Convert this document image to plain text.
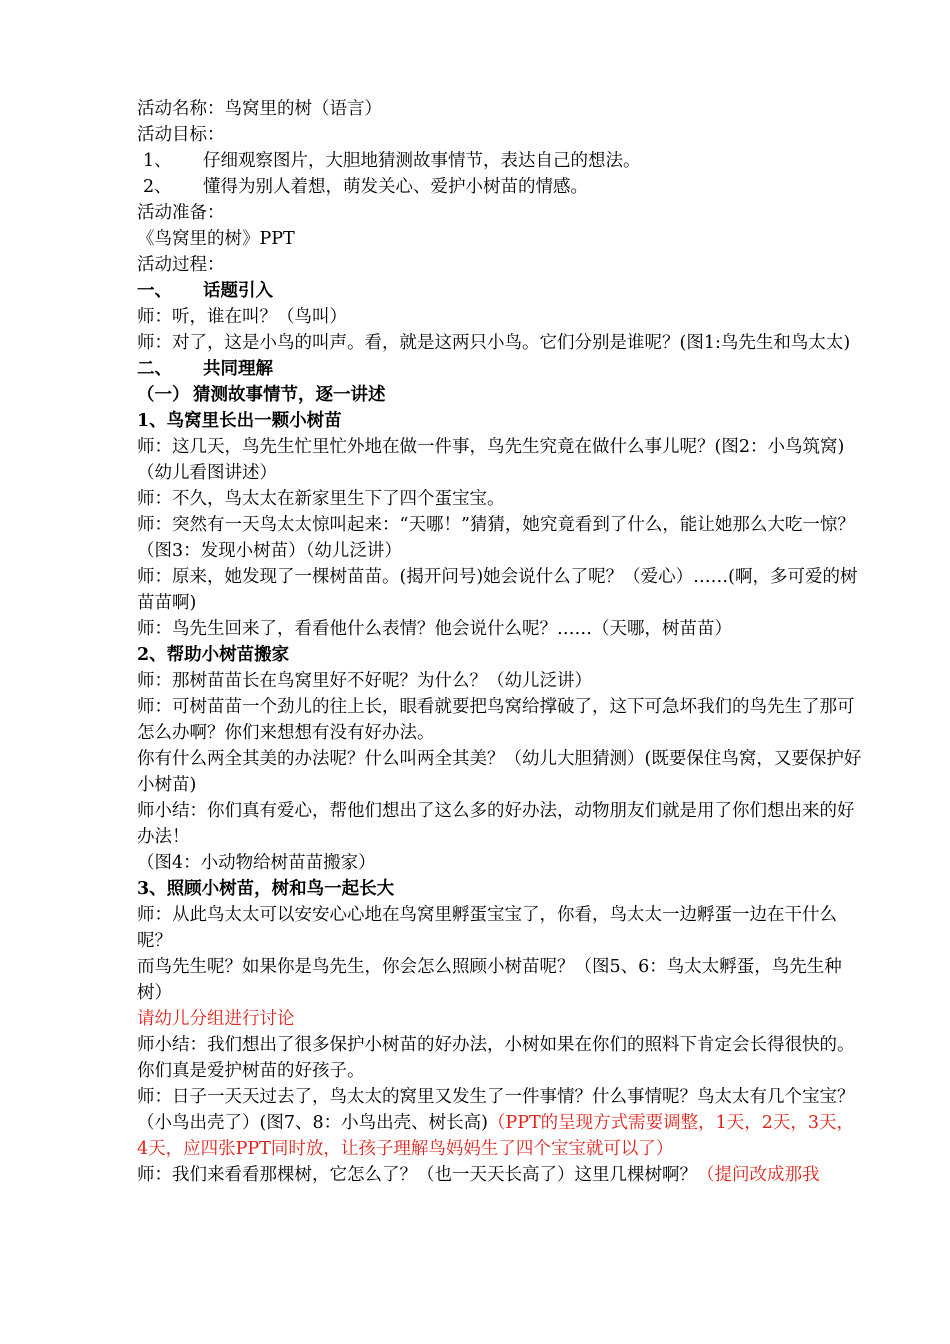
活动名称：鸟窝里的树（语言）
活动目标：
1、 仔细观察图片，大胆地猜测故事情节，表达自己的想法。
2、 懂得为别人着想，萌发关心、爱护小树苗的情感。
活动准备：
《鸟窝里的树》PPT
活动过程：
一、 话题引入
师：听，谁在叫？（鸟叫）
师：对了，这是小鸟的叫声。看，就是这两只小鸟。它们分别是谁呢？(图1:鸟先生和鸟太太)
二、 共同理解
（一） 猜测故事情节，逐一讲述
1、鸟窝里长出一颗小树苗
师：这几天，鸟先生忙里忙外地在做一件事，鸟先生究竟在做什么事儿呢？(图2：小鸟筑窝)
（幼儿看图讲述）
师：不久，鸟太太在新家里生下了四个蛋宝宝。
师：突然有一天鸟太太惊叫起来：“天哪！”猜猜，她究竟看到了什么，能让她那么大吃一惊？（图3：发现小树苗）（幼儿泛讲）
师：原来，她发现了一棵树苗苗。(揭开问号)她会说什么了呢？（爱心）……(啊，多可爱的树苗苗啊)
师：鸟先生回来了，看看他什么表情？他会说什么呢？……（天哪，树苗苗）
2、帮助小树苗搬家
师：那树苗苗长在鸟窝里好不好呢？为什么？（幼儿泛讲）
师：可树苗苗一个劲儿的往上长，眼看就要把鸟窝给撑破了，这下可急坏我们的鸟先生了那可怎么办啊？你们来想想有没有好办法。
你有什么两全其美的办法呢？什么叫两全其美？（幼儿大胆猜测）(既要保住鸟窝，又要保护好小树苗)
师小结：你们真有爱心，帮他们想出了这么多的好办法，动物朋友们就是用了你们想出来的好办法！
（图4：小动物给树苗苗搬家）
3、照顾小树苗，树和鸟一起长大
师：从此鸟太太可以安安心心地在鸟窝里孵蛋宝宝了，你看，鸟太太一边孵蛋一边在干什么呢？
而鸟先生呢？如果你是鸟先生，你会怎么照顾小树苗呢？（图5、6：鸟太太孵蛋，鸟先生种树）
请幼儿分组进行讨论
师小结：我们想出了很多保护小树苗的好办法，小树如果在你们的照料下肯定会长得很快的。你们真是爱护树苗的好孩子。
师：日子一天天过去了，鸟太太的窝里又发生了一件事情？什么事情呢？鸟太太有几个宝宝？（小鸟出壳了）(图7、8：小鸟出壳、树长高)（PPT的呈现方式需要调整，1天，2天，3天，4天，应四张PPT同时放，让孩子理解鸟妈妈生了四个宝宝就可以了）
师：我们来看看那棵树，它怎么了？（也一天天长高了）这里几棵树啊？（提问改成那我
